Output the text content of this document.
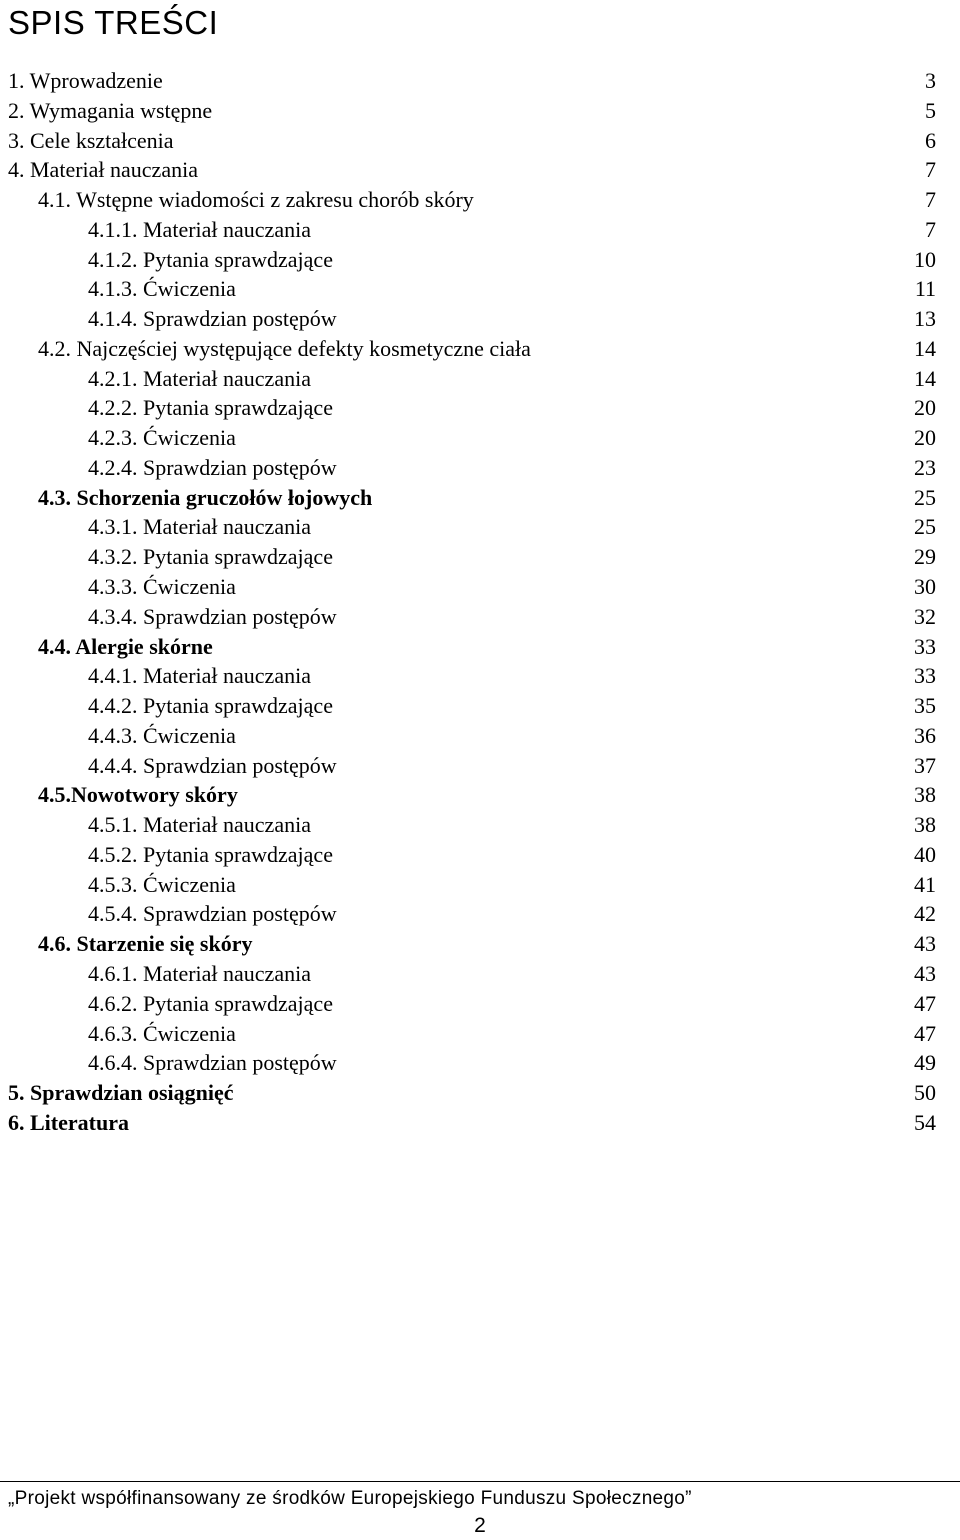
SPIS TREŚCI
1. Wprowadzenie	3
2. Wymagania wstępne	5
3. Cele kształcenia	6
4. Materiał nauczania	7
4.1. Wstępne wiadomości z zakresu chorób skóry	7
4.1.1. Materiał nauczania	7
4.1.2. Pytania sprawdzające	10
4.1.3. Ćwiczenia	11
4.1.4. Sprawdzian postępów	13
4.2. Najczęściej występujące defekty kosmetyczne ciała	14
4.2.1. Materiał nauczania	14
4.2.2. Pytania sprawdzające	20
4.2.3. Ćwiczenia	20
4.2.4. Sprawdzian postępów	23
4.3. Schorzenia gruczołów łojowych	25
4.3.1. Materiał nauczania	25
4.3.2. Pytania sprawdzające	29
4.3.3. Ćwiczenia	30
4.3.4. Sprawdzian postępów	32
4.4. Alergie skórne	33
4.4.1. Materiał nauczania	33
4.4.2. Pytania sprawdzające	35
4.4.3. Ćwiczenia	36
4.4.4. Sprawdzian postępów	37
4.5.Nowotwory skóry	38
4.5.1. Materiał nauczania	38
4.5.2. Pytania sprawdzające	40
4.5.3. Ćwiczenia	41
4.5.4. Sprawdzian postępów	42
4.6. Starzenie się skóry	43
4.6.1. Materiał nauczania	43
4.6.2. Pytania sprawdzające	47
4.6.3. Ćwiczenia	47
4.6.4. Sprawdzian postępów	49
5. Sprawdzian osiągnięć	50
6. Literatura	54
„Projekt współfinansowany ze środków Europejskiego Funduszu Społecznego”
2
